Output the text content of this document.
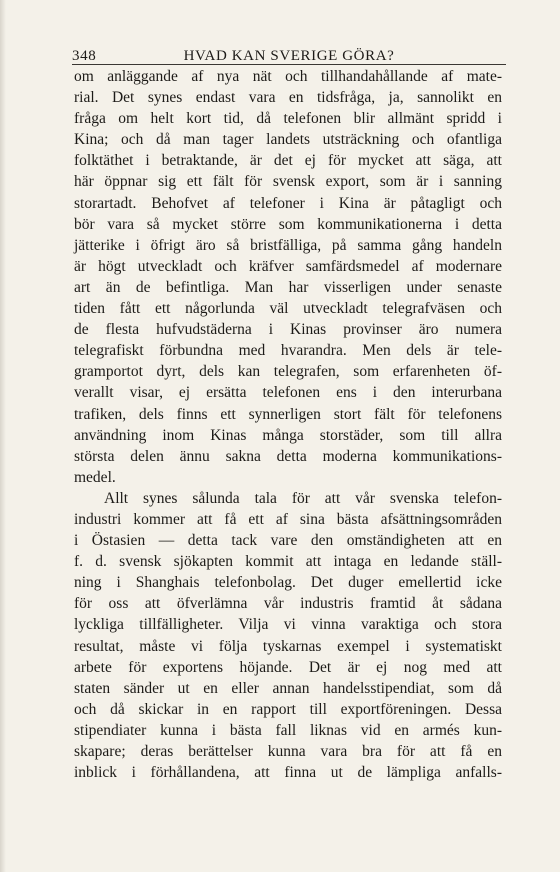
348	HVAD KAN SVERIGE GÖRA?
om anläggande af nya nät och tillhandahållande af mate-
rial. Det synes endast vara en tidsfråga, ja, sannolikt en
fråga om helt kort tid, då telefonen blir allmänt spridd i
Kina; och då man tager landets utsträckning och ofantliga
folktäthet i betraktande, är det ej för mycket att säga, att
här öppnar sig ett fält för svensk export, som är i sanning
storartadt. Behofvet af telefoner i Kina är påtagligt och
bör vara så mycket större som kommunikationerna i detta
jätterike i öfrigt äro så bristfälliga, på samma gång handeln
är högt utveckladt och kräfver samfärdsmedel af modernare
art än de befintliga. Man har visserligen under senaste
tiden fått ett någorlunda väl utveckladt telegrafväsen och
de flesta hufvudstäderna i Kinas provinser äro numera
telegrafiskt förbundna med hvarandra. Men dels är tele-
gramportot dyrt, dels kan telegrafen, som erfarenheten öf-
verallt visar, ej ersätta telefonen ens i den interurbana
trafiken, dels finns ett synnerligen stort fält för telefonens
användning inom Kinas många storstäder, som till allra
största delen ännu sakna detta moderna kommunikations-
medel.
Allt synes sålunda tala för att vår svenska telefon-
industri kommer att få ett af sina bästa afsättningsområden
i Östasien — detta tack vare den omständigheten att en
f. d. svensk sjökapten kommit att intaga en ledande ställ-
ning i Shanghais telefonbolag. Det duger emellertid icke
för oss att öfverlämna vår industris framtid åt sådana
lyckliga tillfälligheter. Vilja vi vinna varaktiga och stora
resultat, måste vi följa tyskarnas exempel i systematiskt
arbete för exportens höjande. Det är ej nog med att
staten sänder ut en eller annan handelsstipendiat, som då
och då skickar in en rapport till exportföreningen. Dessa
stipendiater kunna i bästa fall liknas vid en armés kun-
skapare; deras berättelser kunna vara bra för att få en
inblick i förhållandena, att finna ut de lämpliga anfalls-
